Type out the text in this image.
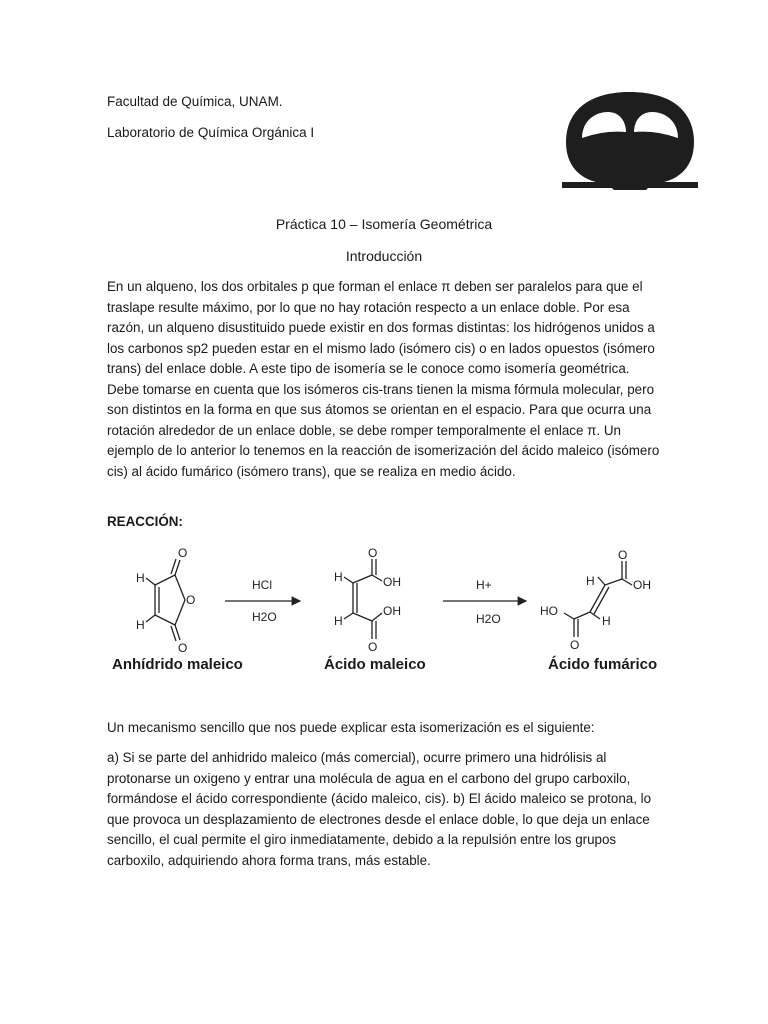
Facultad de Química, UNAM.

Laboratorio de Química Orgánica I

Práctica 10 – Isomería Geométrica
Introducción

En un alqueno, los dos orbitales p que forman el enlace π deben ser paralelos para que el traslape resulte máximo, por lo que no hay rotación respecto a un enlace doble. Por esa razón, un alqueno disustituido puede existir en dos formas distintas: los hidrógenos unidos a los carbonos sp2 pueden estar en el mismo lado (isómero cis) o en lados opuestos (isómero trans) del enlace doble. A este tipo de isomería se le conoce como isomería geométrica. Debe tomarse en cuenta que los isómeros cis-trans tienen la misma fórmula molecular, pero son distintos en la forma en que sus átomos se orientan en el espacio. Para que ocurra una rotación alrededor de un enlace doble, se debe romper temporalmente el enlace π. Un ejemplo de lo anterior lo tenemos en la reacción de isomerización del ácido maleico (isómero cis) al ácido fumárico (isómero trans), que se realiza en medio ácido.

REACCIÓN:

H
H
O
O
O
HCl
H2O
H
H
O
OH
OH
O
H+
H2O
H
O
OH
HO
H
O
Anhídrido maleico	Ácido maleico	Ácido fumárico

Un mecanismo sencillo que nos puede explicar esta isomerización es el siguiente:

a) Si se parte del anhidrido maleico (más comercial), ocurre primero una hidrólisis al protonarse un oxigeno y entrar una molécula de agua en el carbono del grupo carboxilo, formándose el ácido correspondiente (ácido maleico, cis). b) El ácido maleico se protona, lo que provoca un desplazamiento de electrones desde el enlace doble, lo que deja un enlace sencillo, el cual permite el giro inmediatamente, debido a la repulsión entre los grupos carboxilo, adquiriendo ahora forma trans, más estable.
